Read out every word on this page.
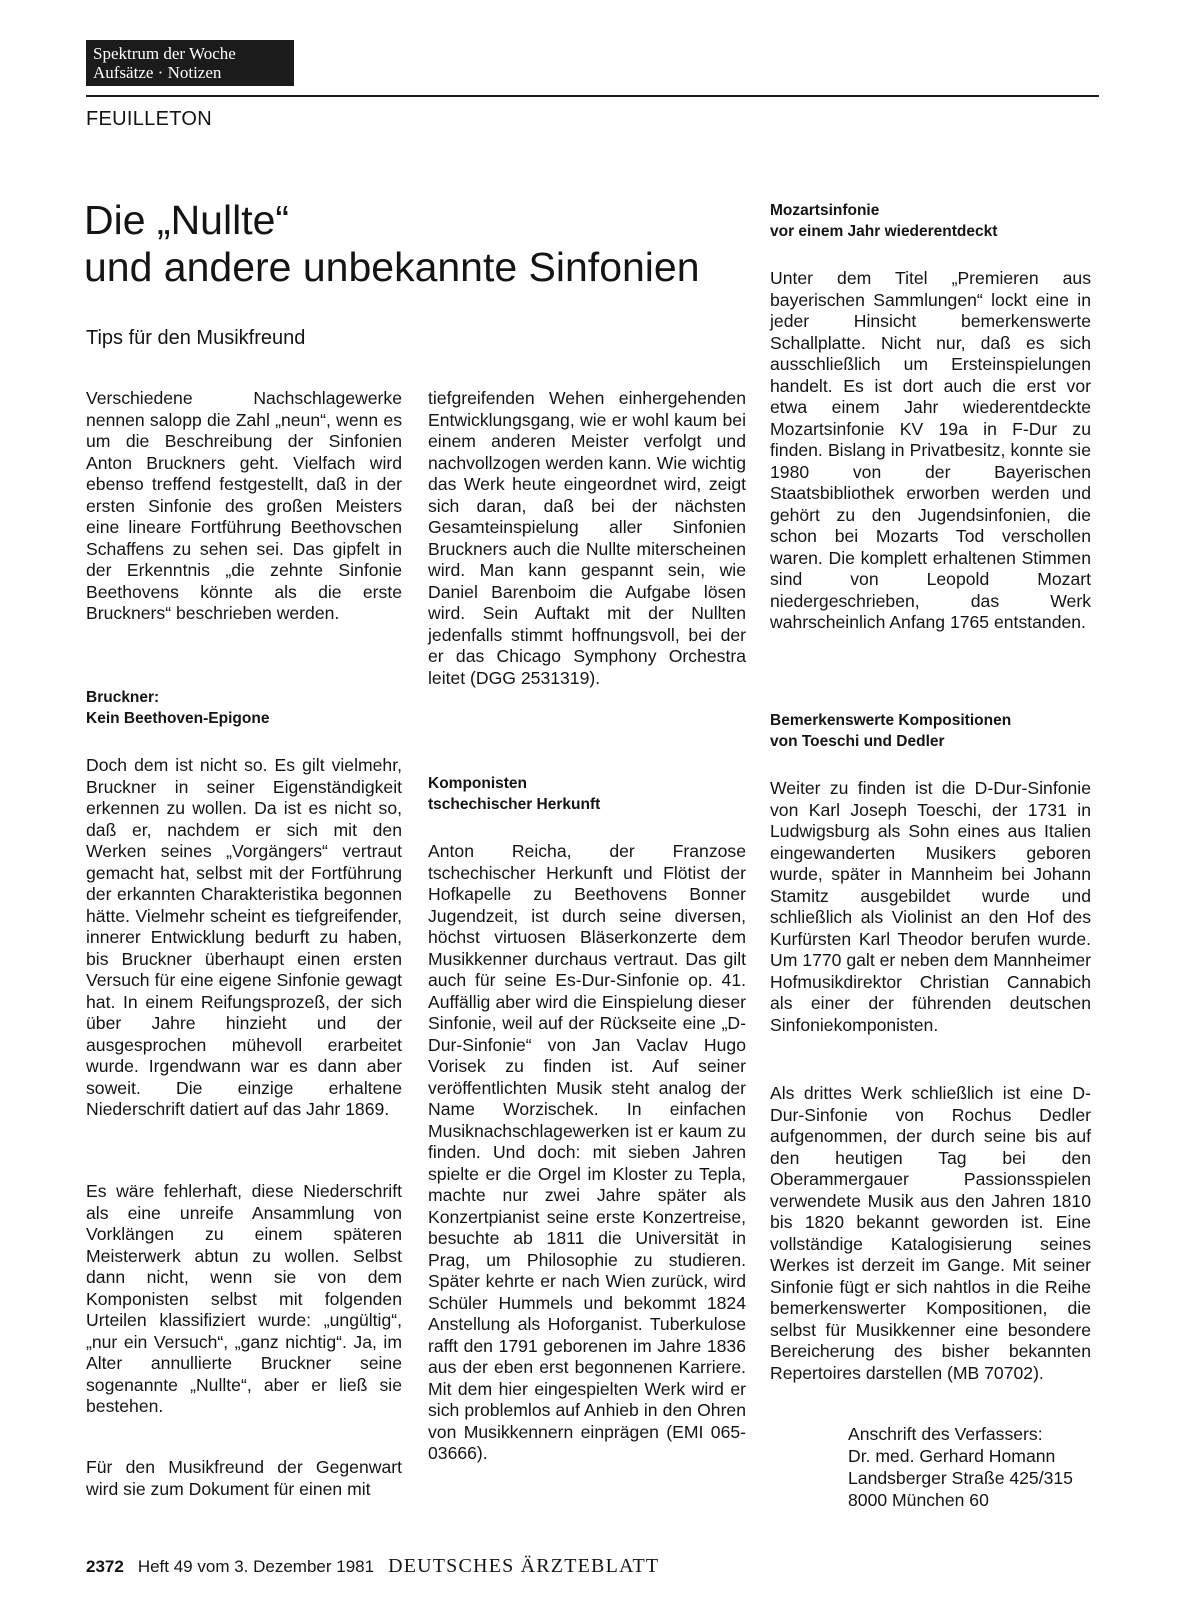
Spektrum der Woche
Aufsätze · Notizen
FEUILLETON
Die „Nullte“
und andere unbekannte Sinfonien
Tips für den Musikfreund

Verschiedene Nachschlagewerke nennen salopp die Zahl „neun“, wenn es um die Beschreibung der Sinfonien Anton Bruckners geht. Vielfach wird ebenso treffend festgestellt, daß in der ersten Sinfonie des großen Meisters eine lineare Fortführung Beethovschen Schaffens zu sehen sei. Das gipfelt in der Erkenntnis „die zehnte Sinfonie Beethovens könnte als die erste Bruckners“ beschrieben werden.

Bruckner:
Kein Beethoven-Epigone

Doch dem ist nicht so. Es gilt vielmehr, Bruckner in seiner Eigenständigkeit erkennen zu wollen. Da ist es nicht so, daß er, nachdem er sich mit den Werken seines „Vorgängers“ vertraut gemacht hat, selbst mit der Fortführung der erkannten Charakteristika begonnen hätte. Vielmehr scheint es tiefgreifender, innerer Entwicklung bedurft zu haben, bis Bruckner überhaupt einen ersten Versuch für eine eigene Sinfonie gewagt hat. In einem Reifungsprozeß, der sich über Jahre hinzieht und der ausgesprochen mühevoll erarbeitet wurde. Irgendwann war es dann aber soweit. Die einzige erhaltene Niederschrift datiert auf das Jahr 1869.

Es wäre fehlerhaft, diese Niederschrift als eine unreife Ansammlung von Vorklängen zu einem späteren Meisterwerk abtun zu wollen. Selbst dann nicht, wenn sie von dem Komponisten selbst mit folgenden Urteilen klassifiziert wurde: „ungültig“, „nur ein Versuch“, „ganz nichtig“. Ja, im Alter annullierte Bruckner seine sogenannte „Nullte“, aber er ließ sie bestehen.

Für den Musikfreund der Gegenwart wird sie zum Dokument für einen mit

tiefgreifenden Wehen einhergehenden Entwicklungsgang, wie er wohl kaum bei einem anderen Meister verfolgt und nachvollzogen werden kann. Wie wichtig das Werk heute eingeordnet wird, zeigt sich daran, daß bei der nächsten Gesamteinspielung aller Sinfonien Bruckners auch die Nullte miterscheinen wird. Man kann gespannt sein, wie Daniel Barenboim die Aufgabe lösen wird. Sein Auftakt mit der Nullten jedenfalls stimmt hoffnungsvoll, bei der er das Chicago Symphony Orchestra leitet (DGG 2531319).

Komponisten
tschechischer Herkunft

Anton Reicha, der Franzose tschechischer Herkunft und Flötist der Hofkapelle zu Beethovens Bonner Jugendzeit, ist durch seine diversen, höchst virtuosen Bläserkonzerte dem Musikkenner durchaus vertraut. Das gilt auch für seine Es-Dur-Sinfonie op. 41. Auffällig aber wird die Einspielung dieser Sinfonie, weil auf der Rückseite eine „D-Dur-Sinfonie“ von Jan Vaclav Hugo Vorisek zu finden ist. Auf seiner veröffentlichten Musik steht analog der Name Worzischek. In einfachen Musiknachschlagewerken ist er kaum zu finden. Und doch: mit sieben Jahren spielte er die Orgel im Kloster zu Tepla, machte nur zwei Jahre später als Konzertpianist seine erste Konzertreise, besuchte ab 1811 die Universität in Prag, um Philosophie zu studieren. Später kehrte er nach Wien zurück, wird Schüler Hummels und bekommt 1824 Anstellung als Hoforganist. Tuberkulose rafft den 1791 geborenen im Jahre 1836 aus der eben erst begonnenen Karriere. Mit dem hier eingespielten Werk wird er sich problemlos auf Anhieb in den Ohren von Musikkennern einprägen (EMI 065-03666).

Mozartsinfonie
vor einem Jahr wiederentdeckt

Unter dem Titel „Premieren aus bayerischen Sammlungen“ lockt eine in jeder Hinsicht bemerkenswerte Schallplatte. Nicht nur, daß es sich ausschließlich um Ersteinspielungen handelt. Es ist dort auch die erst vor etwa einem Jahr wiederentdeckte Mozartsinfonie KV 19a in F-Dur zu finden. Bislang in Privatbesitz, konnte sie 1980 von der Bayerischen Staatsbibliothek erworben werden und gehört zu den Jugendsinfonien, die schon bei Mozarts Tod verschollen waren. Die komplett erhaltenen Stimmen sind von Leopold Mozart niedergeschrieben, das Werk wahrscheinlich Anfang 1765 entstanden.

Bemerkenswerte Kompositionen
von Toeschi und Dedler

Weiter zu finden ist die D-Dur-Sinfonie von Karl Joseph Toeschi, der 1731 in Ludwigsburg als Sohn eines aus Italien eingewanderten Musikers geboren wurde, später in Mannheim bei Johann Stamitz ausgebildet wurde und schließlich als Violinist an den Hof des Kurfürsten Karl Theodor berufen wurde. Um 1770 galt er neben dem Mannheimer Hofmusikdirektor Christian Cannabich als einer der führenden deutschen Sinfoniekomponisten.

Als drittes Werk schließlich ist eine D-Dur-Sinfonie von Rochus Dedler aufgenommen, der durch seine bis auf den heutigen Tag bei den Oberammergauer Passionsspielen verwendete Musik aus den Jahren 1810 bis 1820 bekannt geworden ist. Eine vollständige Katalogisierung seines Werkes ist derzeit im Gange. Mit seiner Sinfonie fügt er sich nahtlos in die Reihe bemerkenswerter Kompositionen, die selbst für Musikkenner eine besondere Bereicherung des bisher bekannten Repertoires darstellen (MB 70702).

Anschrift des Verfassers:
Dr. med. Gerhard Homann
Landsberger Straße 425/315
8000 München 60
2372 Heft 49 vom 3. Dezember 1981 DEUTSCHES ÄRZTEBLATT
